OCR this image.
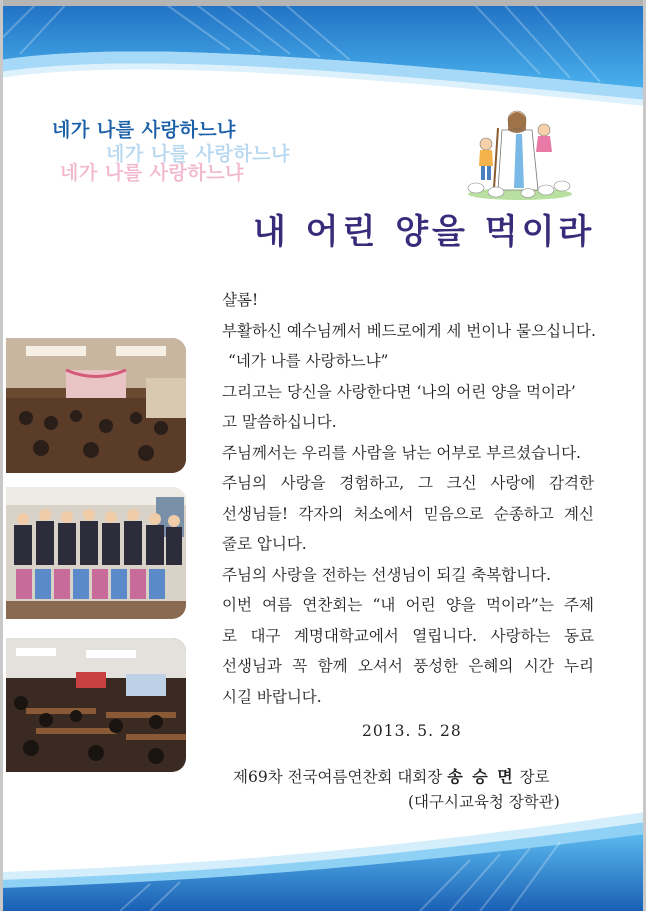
네가 나를 사랑하느냐
네가 나를 사랑하느냐
네가 나를 사랑하느냐
내 어린 양을 먹이라
샬롬!
부활하신 예수님께서 베드로에게 세 번이나 물으십니다.
“네가 나를 사랑하느냐”
그리고는 당신을 사랑한다면 ‘나의 어린 양을 먹이라’
고 말씀하십니다.
주님께서는 우리를 사람을 낚는 어부로 부르셨습니다.
주님의 사랑을 경험하고, 그 크신 사랑에 감격한
선생님들! 각자의 처소에서 믿음으로 순종하고 계신
줄로 압니다.
주님의 사랑을 전하는 선생님이 되길 축복합니다.
이번 여름 연찬회는 “내 어린 양을 먹이라”는 주제
로 대구 계명대학교에서 열립니다. 사랑하는 동료
선생님과 꼭 함께 오셔서 풍성한 은혜의 시간 누리
시길 바랍니다.
2013. 5. 28
제69차 전국여름연찬회 대회장 송 승 면 장로
(대구시교육청 장학관)
